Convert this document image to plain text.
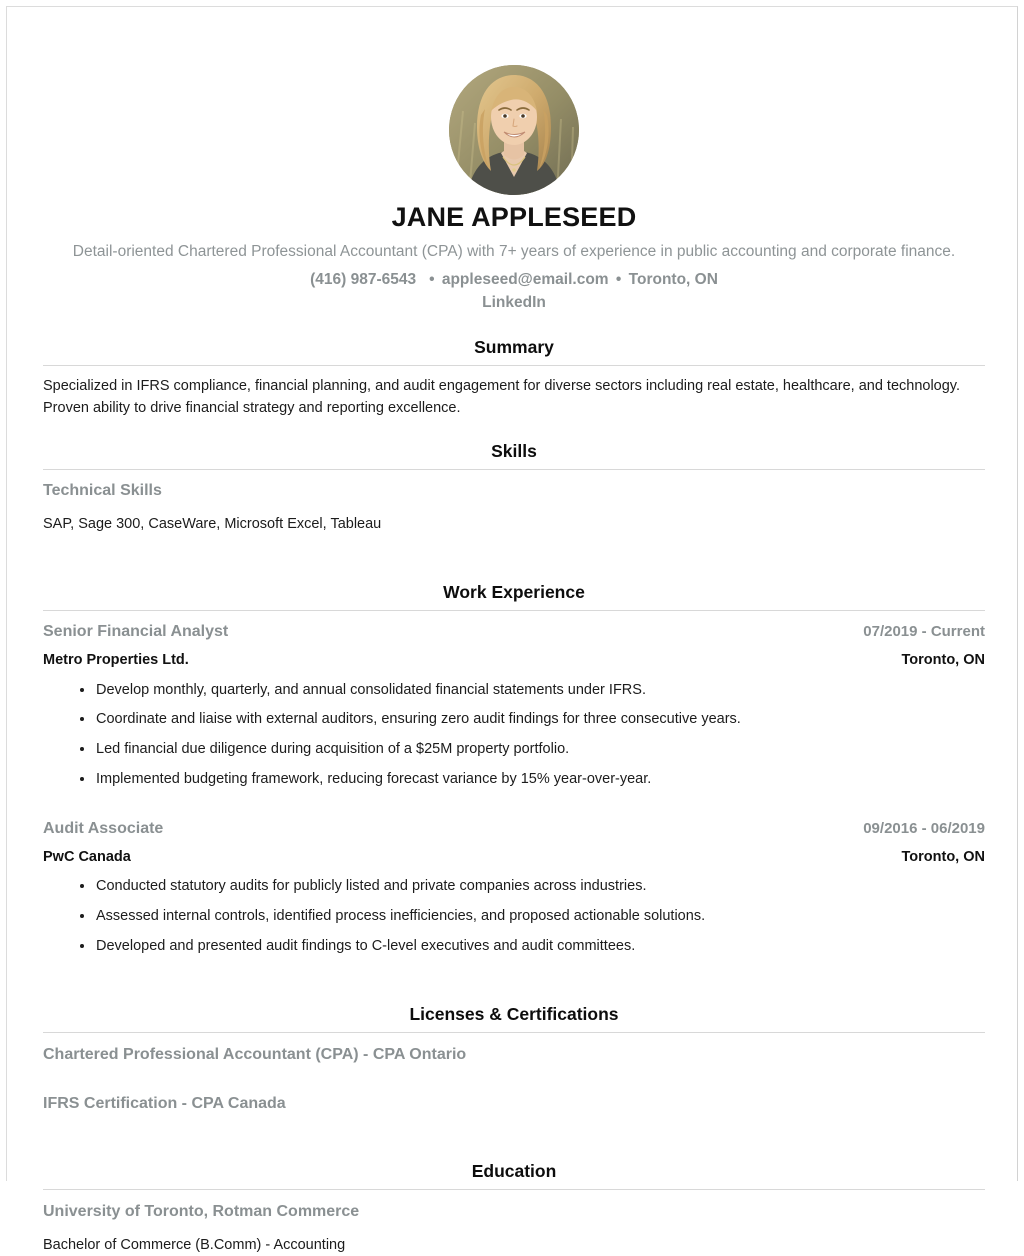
JANE APPLESEED
Detail-oriented Chartered Professional Accountant (CPA) with 7+ years of experience in public accounting and corporate finance.
(416) 987-6543 • appleseed@email.com • Toronto, ON
LinkedIn
Summary
Specialized in IFRS compliance, financial planning, and audit engagement for diverse sectors including real estate, healthcare, and technology. Proven ability to drive financial strategy and reporting excellence.
Skills
Technical Skills
SAP, Sage 300, CaseWare, Microsoft Excel, Tableau
Work Experience
Senior Financial Analyst	07/2019 - Current
Metro Properties Ltd.	Toronto, ON
Develop monthly, quarterly, and annual consolidated financial statements under IFRS.
Coordinate and liaise with external auditors, ensuring zero audit findings for three consecutive years.
Led financial due diligence during acquisition of a $25M property portfolio.
Implemented budgeting framework, reducing forecast variance by 15% year-over-year.
Audit Associate	09/2016 - 06/2019
PwC Canada	Toronto, ON
Conducted statutory audits for publicly listed and private companies across industries.
Assessed internal controls, identified process inefficiencies, and proposed actionable solutions.
Developed and presented audit findings to C-level executives and audit committees.
Licenses & Certifications
Chartered Professional Accountant (CPA) - CPA Ontario
IFRS Certification - CPA Canada
Education
University of Toronto, Rotman Commerce
Bachelor of Commerce (B.Comm) - Accounting
